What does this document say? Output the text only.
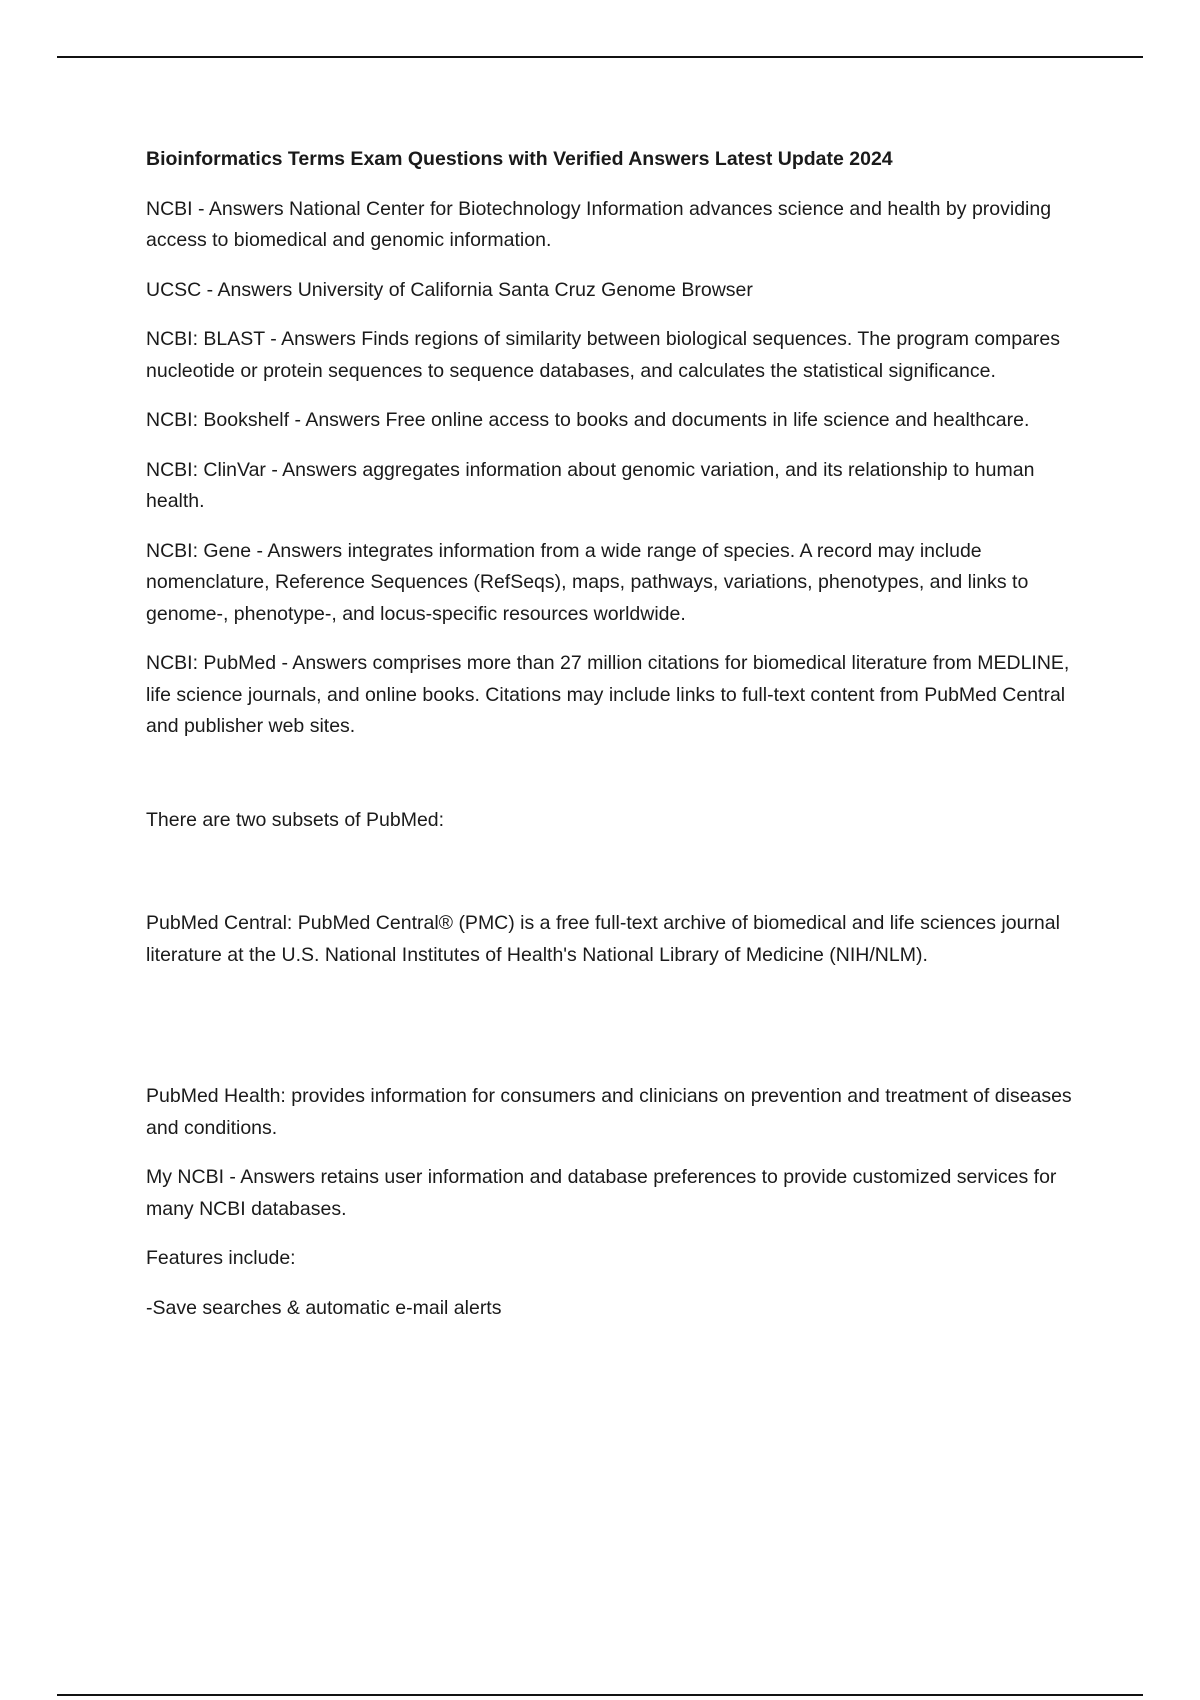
Bioinformatics Terms Exam Questions with Verified Answers Latest Update 2024
NCBI - Answers National Center for Biotechnology Information advances science and health by providing access to biomedical and genomic information.
UCSC - Answers University of California Santa Cruz Genome Browser
NCBI: BLAST - Answers Finds regions of similarity between biological sequences. The program compares nucleotide or protein sequences to sequence databases, and calculates the statistical significance.
NCBI: Bookshelf - Answers Free online access to books and documents in life science and healthcare.
NCBI: ClinVar - Answers aggregates information about genomic variation, and its relationship to human health.
NCBI: Gene - Answers integrates information from a wide range of species. A record may include nomenclature, Reference Sequences (RefSeqs), maps, pathways, variations, phenotypes, and links to genome-, phenotype-, and locus-specific resources worldwide.
NCBI: PubMed - Answers comprises more than 27 million citations for biomedical literature from MEDLINE, life science journals, and online books. Citations may include links to full-text content from PubMed Central and publisher web sites.
There are two subsets of PubMed:
PubMed Central: PubMed Central® (PMC) is a free full-text archive of biomedical and life sciences journal literature at the U.S. National Institutes of Health's National Library of Medicine (NIH/NLM).
PubMed Health: provides information for consumers and clinicians on prevention and treatment of diseases and conditions.
My NCBI - Answers retains user information and database preferences to provide customized services for many NCBI databases.
Features include:
-Save searches & automatic e-mail alerts
